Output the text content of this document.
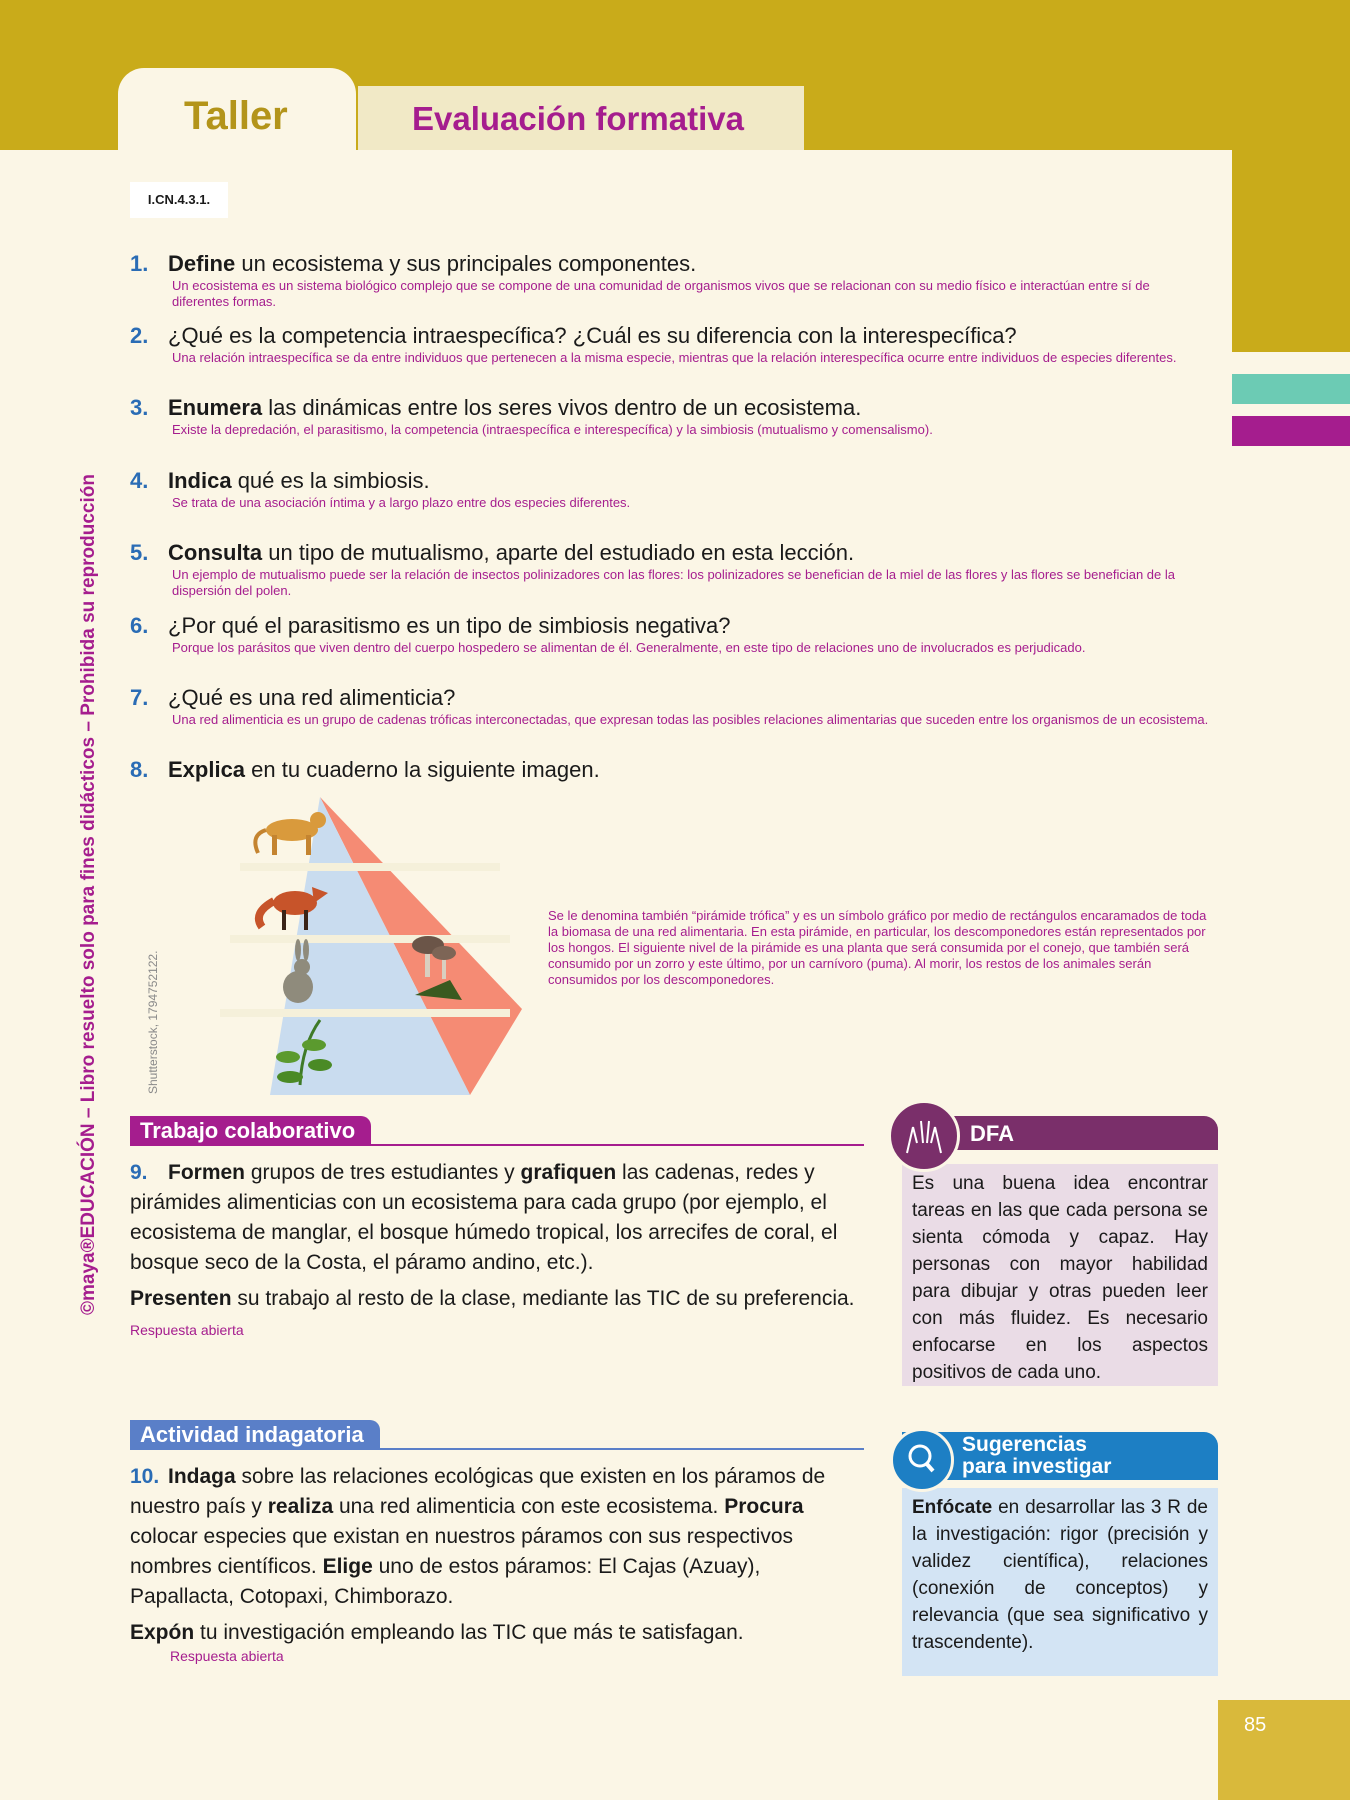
Taller	Evaluación formativa
I.CN.4.3.1.
©maya®EDUCACIÓN – Libro resuelto solo para fines didácticos – Prohibida su reproducción
1. Define un ecosistema y sus principales componentes.
Un ecosistema es un sistema biológico complejo que se compone de una comunidad de organismos vivos que se relacionan con su medio físico e interactúan entre sí de diferentes formas.
2. ¿Qué es la competencia intraespecífica? ¿Cuál es su diferencia con la interespecífica?
Una relación intraespecífica se da entre individuos que pertenecen a la misma especie, mientras que la relación interespecífica ocurre entre individuos de especies diferentes.
3. Enumera las dinámicas entre los seres vivos dentro de un ecosistema.
Existe la depredación, el parasitismo, la competencia (intraespecífica e interespecífica) y la simbiosis (mutualismo y comensalismo).
4. Indica qué es la simbiosis.
Se trata de una asociación íntima y a largo plazo entre dos especies diferentes.
5. Consulta un tipo de mutualismo, aparte del estudiado en esta lección.
Un ejemplo de mutualismo puede ser la relación de insectos polinizadores con las flores: los polinizadores se benefician de la miel de las flores y las flores se benefician de la dispersión del polen.
6. ¿Por qué el parasitismo es un tipo de simbiosis negativa?
Porque los parásitos que viven dentro del cuerpo hospedero se alimentan de él. Generalmente, en este tipo de relaciones uno de involucrados es perjudicado.
7. ¿Qué es una red alimenticia?
Una red alimenticia es un grupo de cadenas tróficas interconectadas, que expresan todas las posibles relaciones alimentarias que suceden entre los organismos de un ecosistema.
8. Explica en tu cuaderno la siguiente imagen.
Shutterstock, 1794752122.
Se le denomina también “pirámide trófica” y es un símbolo gráfico por medio de rectángulos encaramados de toda la biomasa de una red alimentaria. En esta pirámide, en particular, los descomponedores están representados por los hongos. El siguiente nivel de la pirámide es una planta que será consumida por el conejo, que también será consumido por un zorro y este último, por un carnívoro (puma). Al morir, los restos de los animales serán consumidos por los descomponedores.
Trabajo colaborativo

9. Formen grupos de tres estudiantes y grafiquen las cadenas, redes y pirámides alimenticias con un ecosistema para cada grupo (por ejemplo, el ecosistema de manglar, el bosque húmedo tropical, los arrecifes de coral, el bosque seco de la Costa, el páramo andino, etc.).

Presenten su trabajo al resto de la clase, mediante las TIC de su preferencia. Respuesta abierta

Actividad indagatoria

10. Indaga sobre las relaciones ecológicas que existen en los páramos de nuestro país y realiza una red alimenticia con este ecosistema. Procura colocar especies que existan en nuestros páramos con sus respectivos nombres científicos. Elige uno de estos páramos: El Cajas (Azuay), Papallacta, Cotopaxi, Chimborazo.

Expón tu investigación empleando las TIC que más te satisfagan.

Respuesta abierta

DFA
Es una buena idea encontrar tareas en las que cada persona se sienta cómoda y capaz. Hay personas con mayor habilidad para dibujar y otras pueden leer con más fluidez. Es necesario enfocarse en los aspectos positivos de cada uno.
Sugerencias
para investigar
Enfócate en desarrollar las 3 R de la investigación: rigor (precisión y validez científica), relaciones (conexión de conceptos) y relevancia (que sea significativo y trascendente).
85
